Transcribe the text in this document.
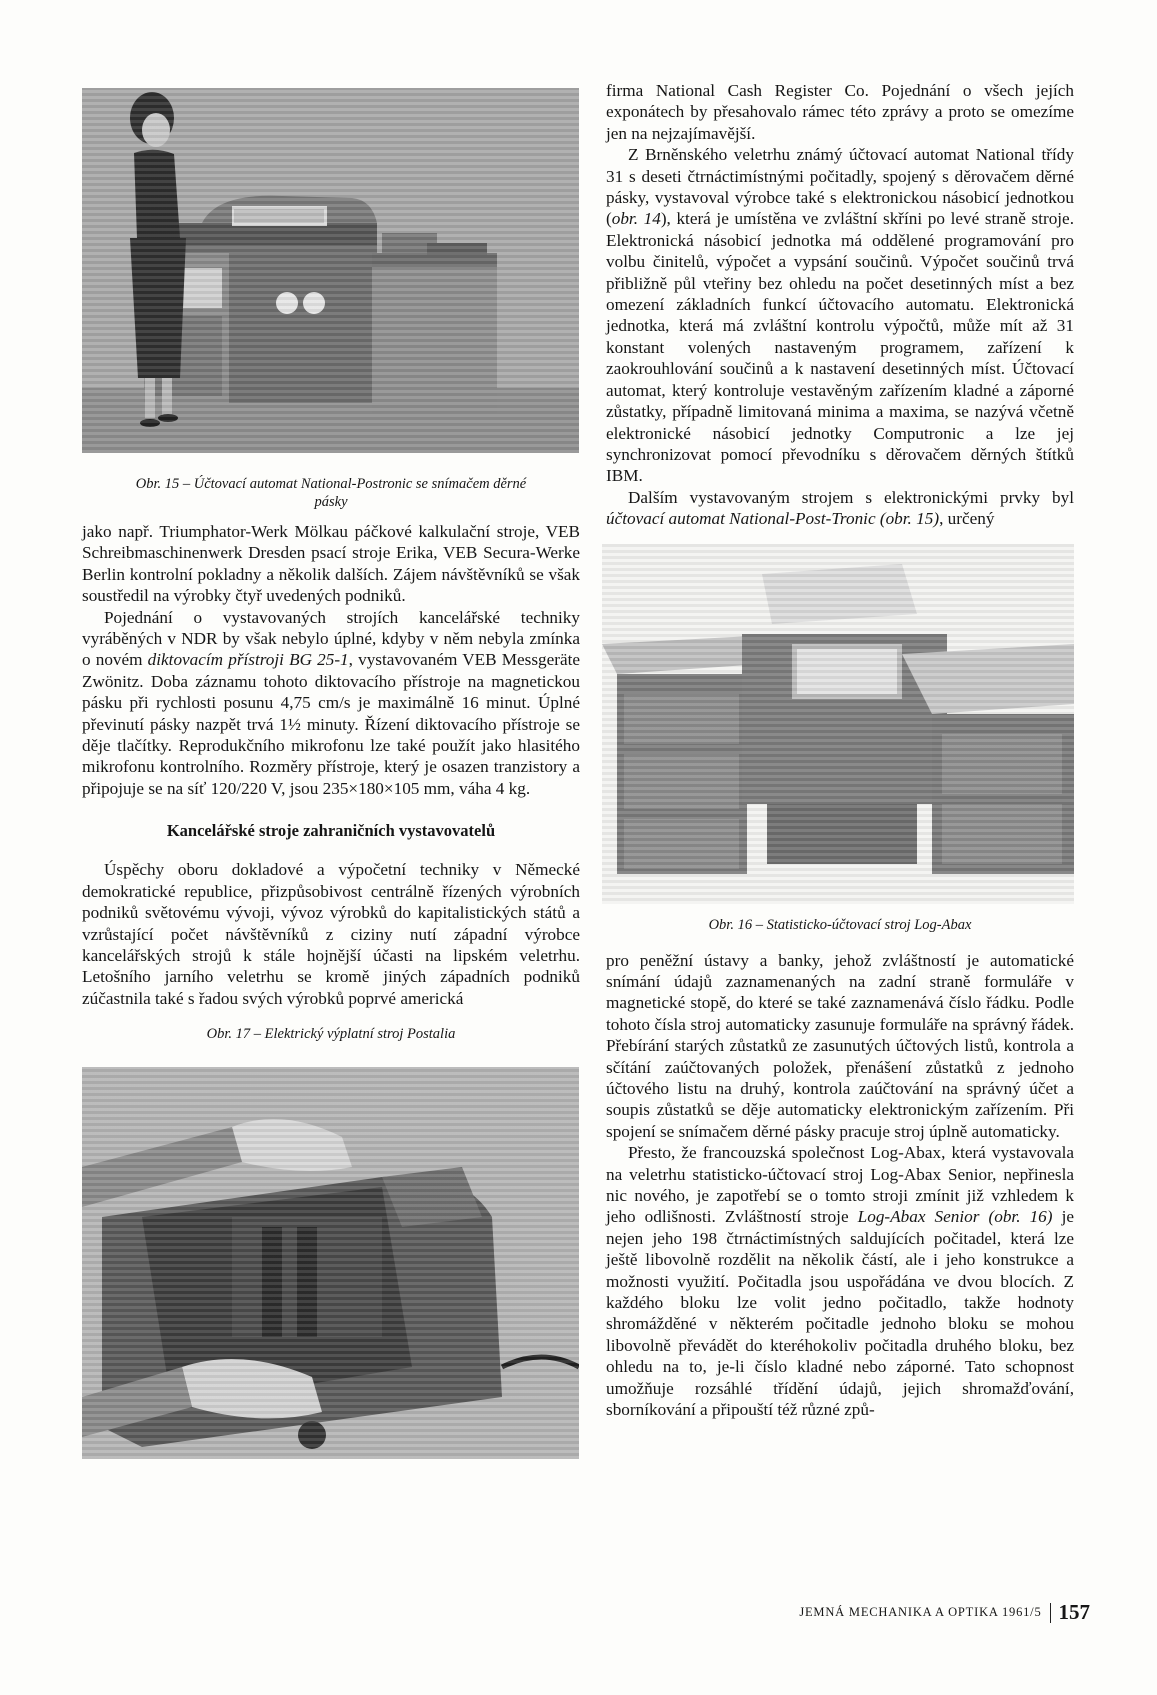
Obr. 15 – Účtovací automat National-Postronic se snímačem děrné
pásky

jako např. Triumphator-Werk Mölkau páčkové kalkulační stroje, VEB Schreibmaschinenwerk Dresden psací stroje Erika, VEB Secura-Werke Berlin kontrolní pokladny a několik dalších. Zájem návštěvníků se však soustředil na výrobky čtyř uvedených podniků.

Pojednání o vystavovaných strojích kancelářské techniky vyráběných v NDR by však nebylo úplné, kdyby v něm nebyla zmínka o novém diktovacím přístroji BG 25-1, vystavovaném VEB Messgeräte Zwönitz. Doba záznamu tohoto diktovacího přístroje na magnetickou pásku při rychlosti posunu 4,75 cm/s je maximálně 16 minut. Úplné převinutí pásky nazpět trvá 1½ minuty. Řízení diktovacího přístroje se děje tlačítky. Reprodukčního mikrofonu lze také použít jako hlasitého mikrofonu kontrolního. Rozměry přístroje, který je osazen tranzistory a připojuje se na síť 120/220 V, jsou 235×180×105 mm, váha 4 kg.

Kancelářské stroje zahraničních vystavovatelů

Úspěchy oboru dokladové a výpočetní techniky v Německé demokratické republice, přizpůsobivost centrálně řízených výrobních podniků světovému vývoji, vývoz výrobků do kapitalistických států a vzrůstající počet návštěvníků z ciziny nutí západní výrobce kancelářských strojů k stále hojnější účasti na lipském veletrhu. Letošního jarního veletrhu se kromě jiných západních podniků zúčastnila také s řadou svých výrobků poprvé americká

Obr. 17 – Elektrický výplatní stroj Postalia

firma National Cash Register Co. Pojednání o všech jejích exponátech by přesahovalo rámec této zprávy a proto se omezíme jen na nejzajímavější.

Z Brněnského veletrhu známý účtovací automat National třídy 31 s deseti čtrnáctimístnými počitadly, spojený s děrovačem děrné pásky, vystavoval výrobce také s elektronickou násobicí jednotkou (obr. 14), která je umístěna ve zvláštní skříni po levé straně stroje. Elektronická násobicí jednotka má oddělené programování pro volbu činitelů, výpočet a vypsání součinů. Výpočet součinů trvá přibližně půl vteřiny bez ohledu na počet desetinných míst a bez omezení základních funkcí účtovacího automatu. Elektronická jednotka, která má zvláštní kontrolu výpočtů, může mít až 31 konstant volených nastaveným programem, zařízení k zaokrouhlování součinů a k nastavení desetinných míst. Účtovací automat, který kontroluje vestavěným zařízením kladné a záporné zůstatky, případně limitovaná minima a maxima, se nazývá včetně elektronické násobicí jednotky Computronic a lze jej synchronizovat pomocí převodníku s děrovačem děrných štítků IBM.

Dalším vystavovaným strojem s elektronickými prvky byl účtovací automat National-Post-Tronic (obr. 15), určený

Obr. 16 – Statisticko-účtovací stroj Log-Abax

pro peněžní ústavy a banky, jehož zvláštností je automatické snímání údajů zaznamenaných na zadní straně formuláře v magnetické stopě, do které se také zaznamenává číslo řádku. Podle tohoto čísla stroj automaticky zasunuje formuláře na správný řádek. Přebírání starých zůstatků ze zasunutých účtových listů, kontrola a sčítání zaúčtovaných položek, přenášení zůstatků z jednoho účtového listu na druhý, kontrola zaúčtování na správný účet a soupis zůstatků se děje automaticky elektronickým zařízením. Při spojení se snímačem děrné pásky pracuje stroj úplně automaticky.

Přesto, že francouzská společnost Log-Abax, která vystavovala na veletrhu statisticko-účtovací stroj Log-Abax Senior, nepřinesla nic nového, je zapotřebí se o tomto stroji zmínit již vzhledem k jeho odlišnosti. Zvláštností stroje Log-Abax Senior (obr. 16) je nejen jeho 198 čtrnáctimístných saldujících počitadel, která lze ještě libovolně rozdělit na několik částí, ale i jeho konstrukce a možnosti využití. Počitadla jsou uspořádána ve dvou blocích. Z každého bloku lze volit jedno počitadlo, takže hodnoty shromážděné v některém počitadle jednoho bloku se mohou libovolně převádět do kteréhokoliv počitadla druhého bloku, bez ohledu na to, je-li číslo kladné nebo záporné. Tato schopnost umožňuje rozsáhlé třídění údajů, jejich shromažďování, sborníkování a připouští též různé způ-

JEMNÁ MECHANIKA A OPTIKA 1961/5 157
